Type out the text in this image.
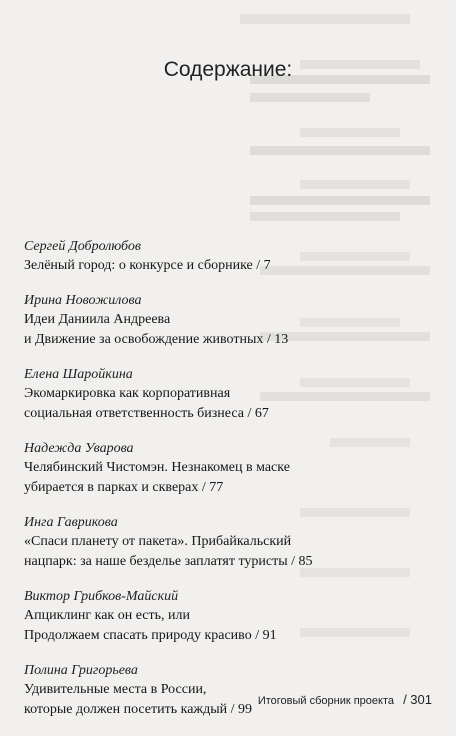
Содержание:
Сергей Добролюбов
Зелёный город: о конкурсе и сборнике / 7
Ирина Новожилова
Идеи Даниила Андреева
и Движение за освобождение животных / 13
Елена Шаройкина
Экомаркировка как корпоративная
социальная ответственность бизнеса / 67
Надежда Уварова
Челябинский Чистомэн. Незнакомец в маске
убирается в парках и скверах / 77
Инга Гаврикова
«Спаси планету от пакета». Прибайкальский
нацпарк: за наше безделье заплатят туристы / 85
Виктор Грибков-Майский
Апциклинг как он есть, или
Продолжаем спасать природу красиво / 91
Полина Григорьева
Удивительные места в России,
которые должен посетить каждый / 99
Итоговый сборник проекта / 301
